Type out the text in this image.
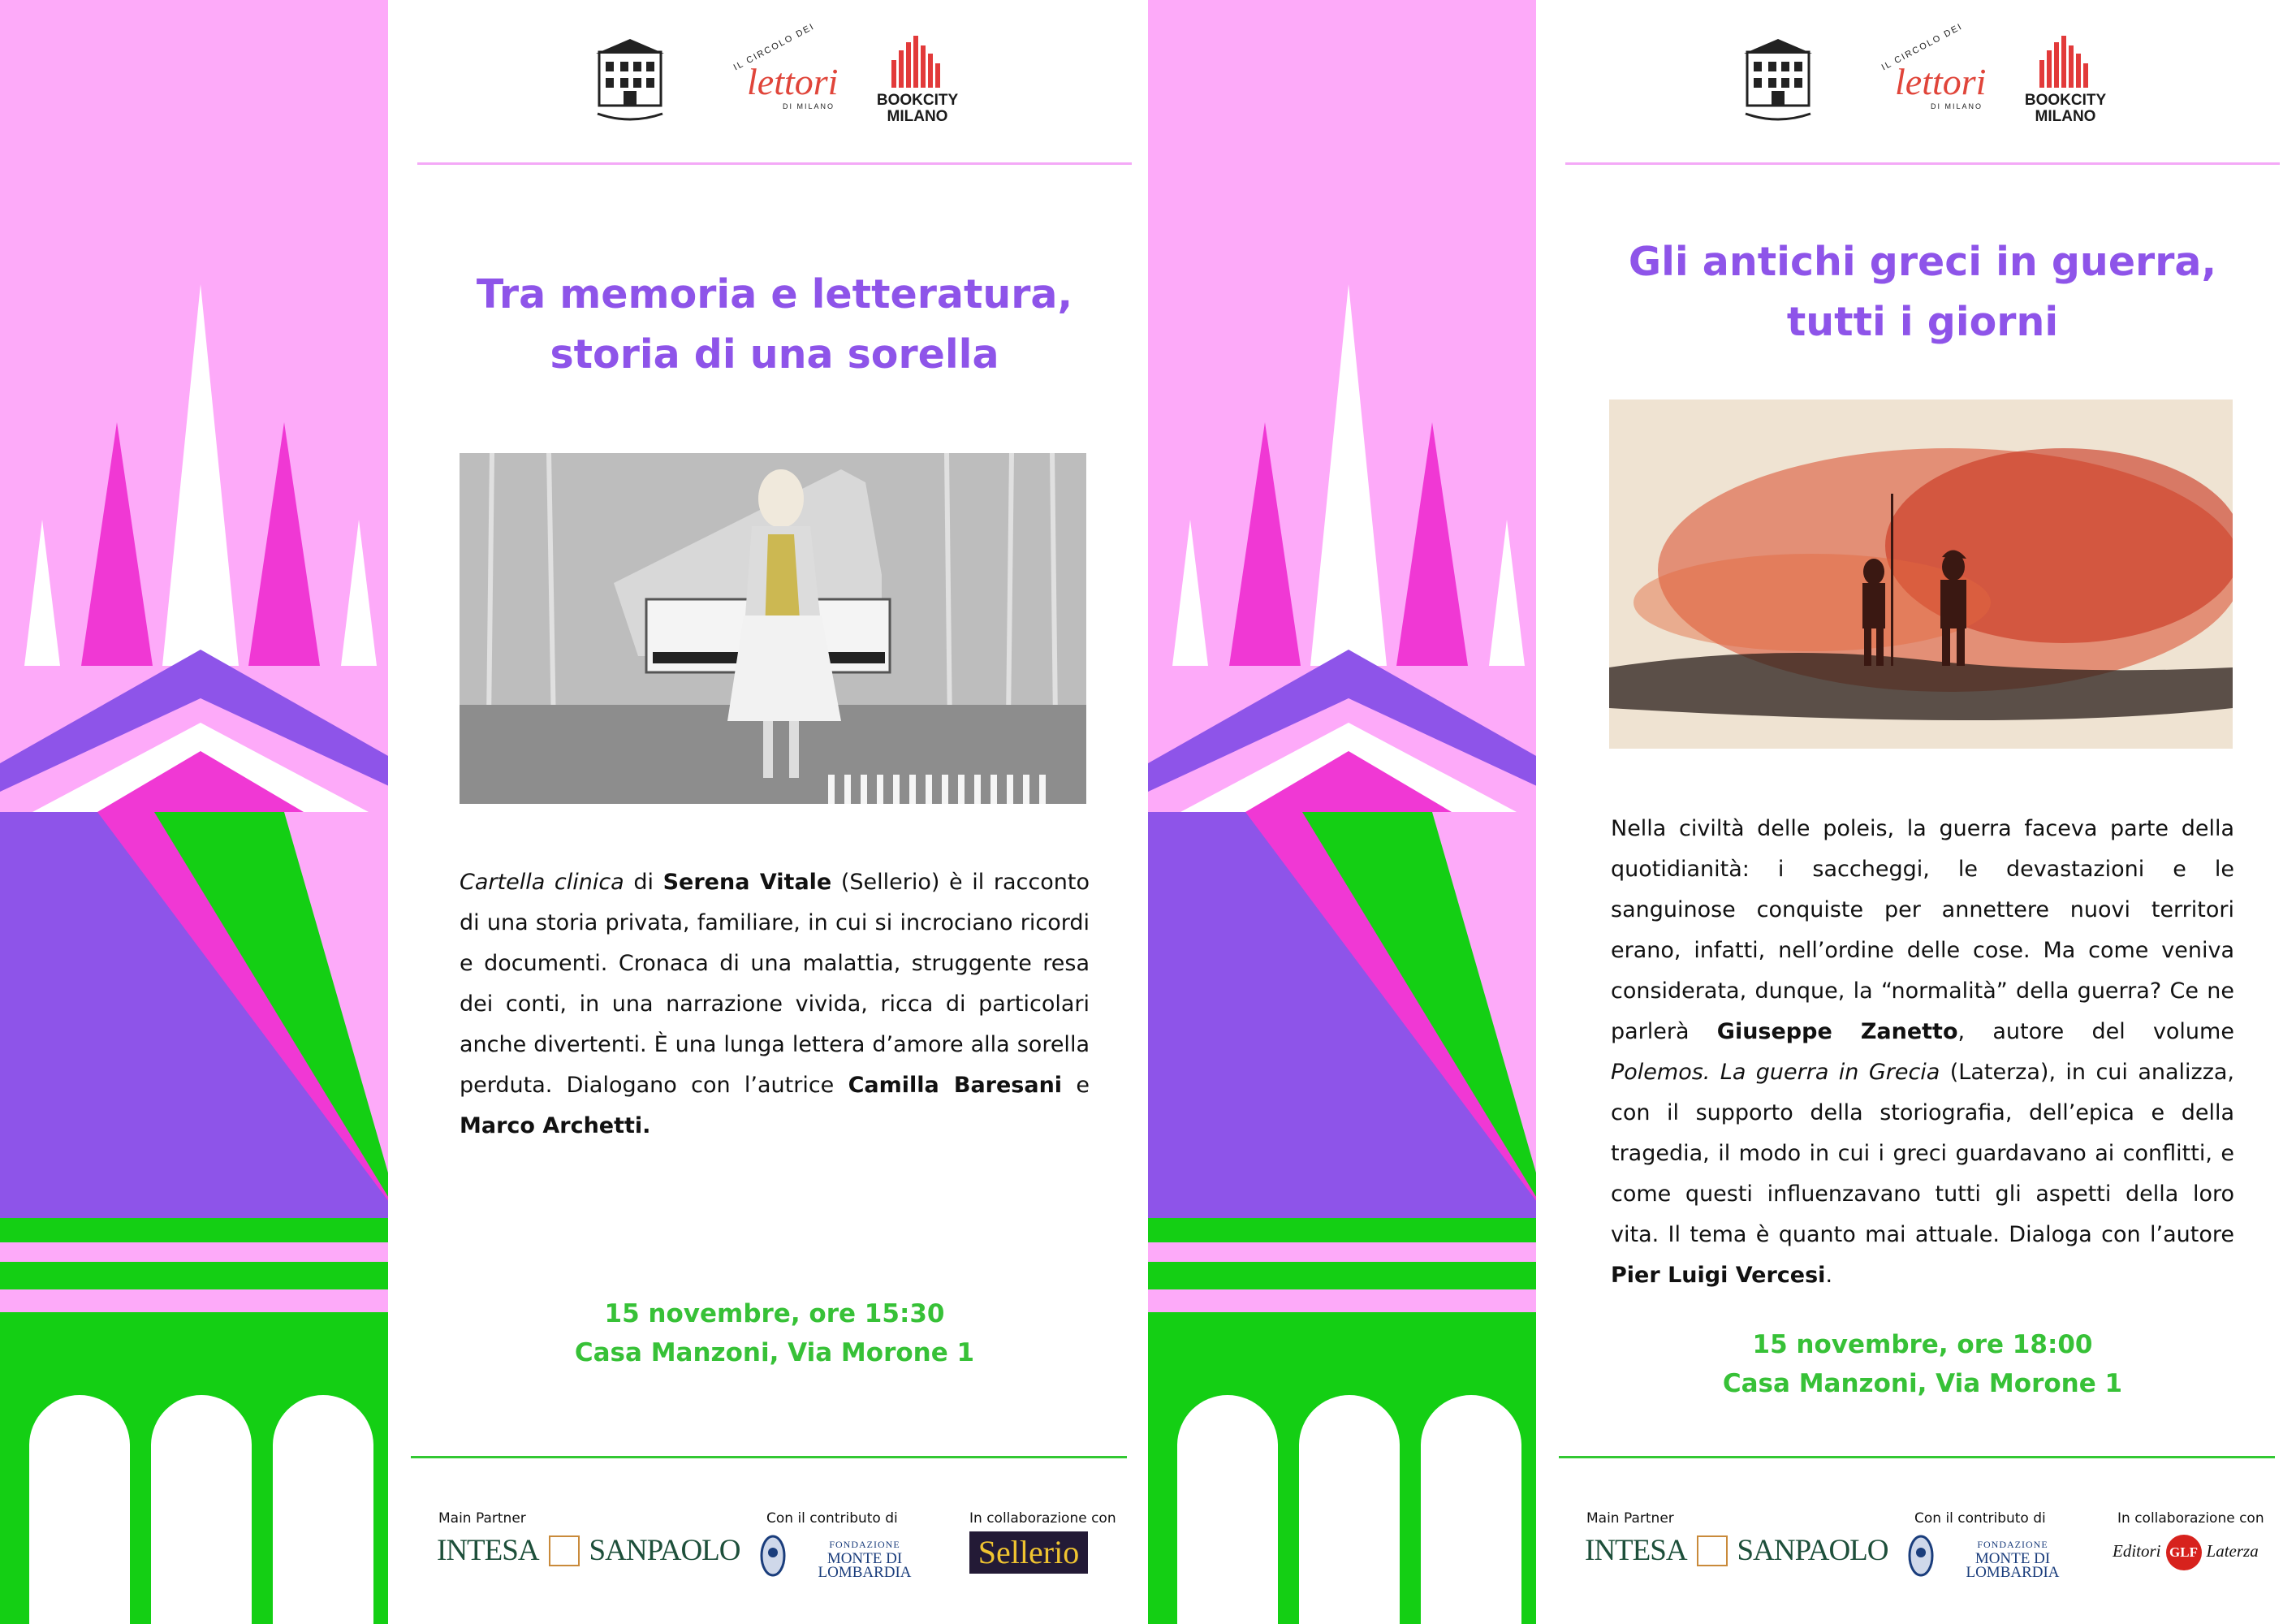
IL CIRCOLO DEI
lettori
DI MILANO	BOOKCITY
MILANO
Tra memoria e letteratura,
storia di una sorella
Cartella clinica di Serena Vitale (Sellerio) è il racconto di una storia privata, familiare, in cui si incrociano ricordi e documenti. Cronaca di una malattia, struggente resa dei conti, in una narrazione vivida, ricca di particolari anche divertenti. È una lunga lettera d’amore alla sorella perduta. Dialogano con l’autrice Camilla Baresani e Marco Archetti.
15 novembre, ore 15:30
Casa Manzoni, Via Morone 1
Main Partner
INTESA SANPAOLO
Con il contributo di
FONDAZIONE
MONTE DI LOMBARDIA
In collaborazione con
Sellerio
IL CIRCOLO DEI
lettori
DI MILANO	BOOKCITY
MILANO
Gli antichi greci in guerra,
tutti i giorni
Nella civiltà delle poleis, la guerra faceva parte della quotidianità: i saccheggi, le devastazioni e le sanguinose conquiste per annettere nuovi territori erano, infatti, nell’ordine delle cose. Ma come veniva considerata, dunque, la “normalità” della guerra? Ce ne parlerà Giuseppe Zanetto, autore del volume Polemos. La guerra in Grecia (Laterza), in cui analizza, con il supporto della storiografia, dell’epica e della tragedia, il modo in cui i greci guardavano ai conflitti, e come questi influenzavano tutti gli aspetti della loro vita. Il tema è quanto mai attuale. Dialoga con l’autore Pier Luigi Vercesi.
15 novembre, ore 18:00
Casa Manzoni, Via Morone 1
Main Partner
INTESA SANPAOLO
Con il contributo di
FONDAZIONE
MONTE DI LOMBARDIA
In collaborazione con
Editori GLF Laterza
